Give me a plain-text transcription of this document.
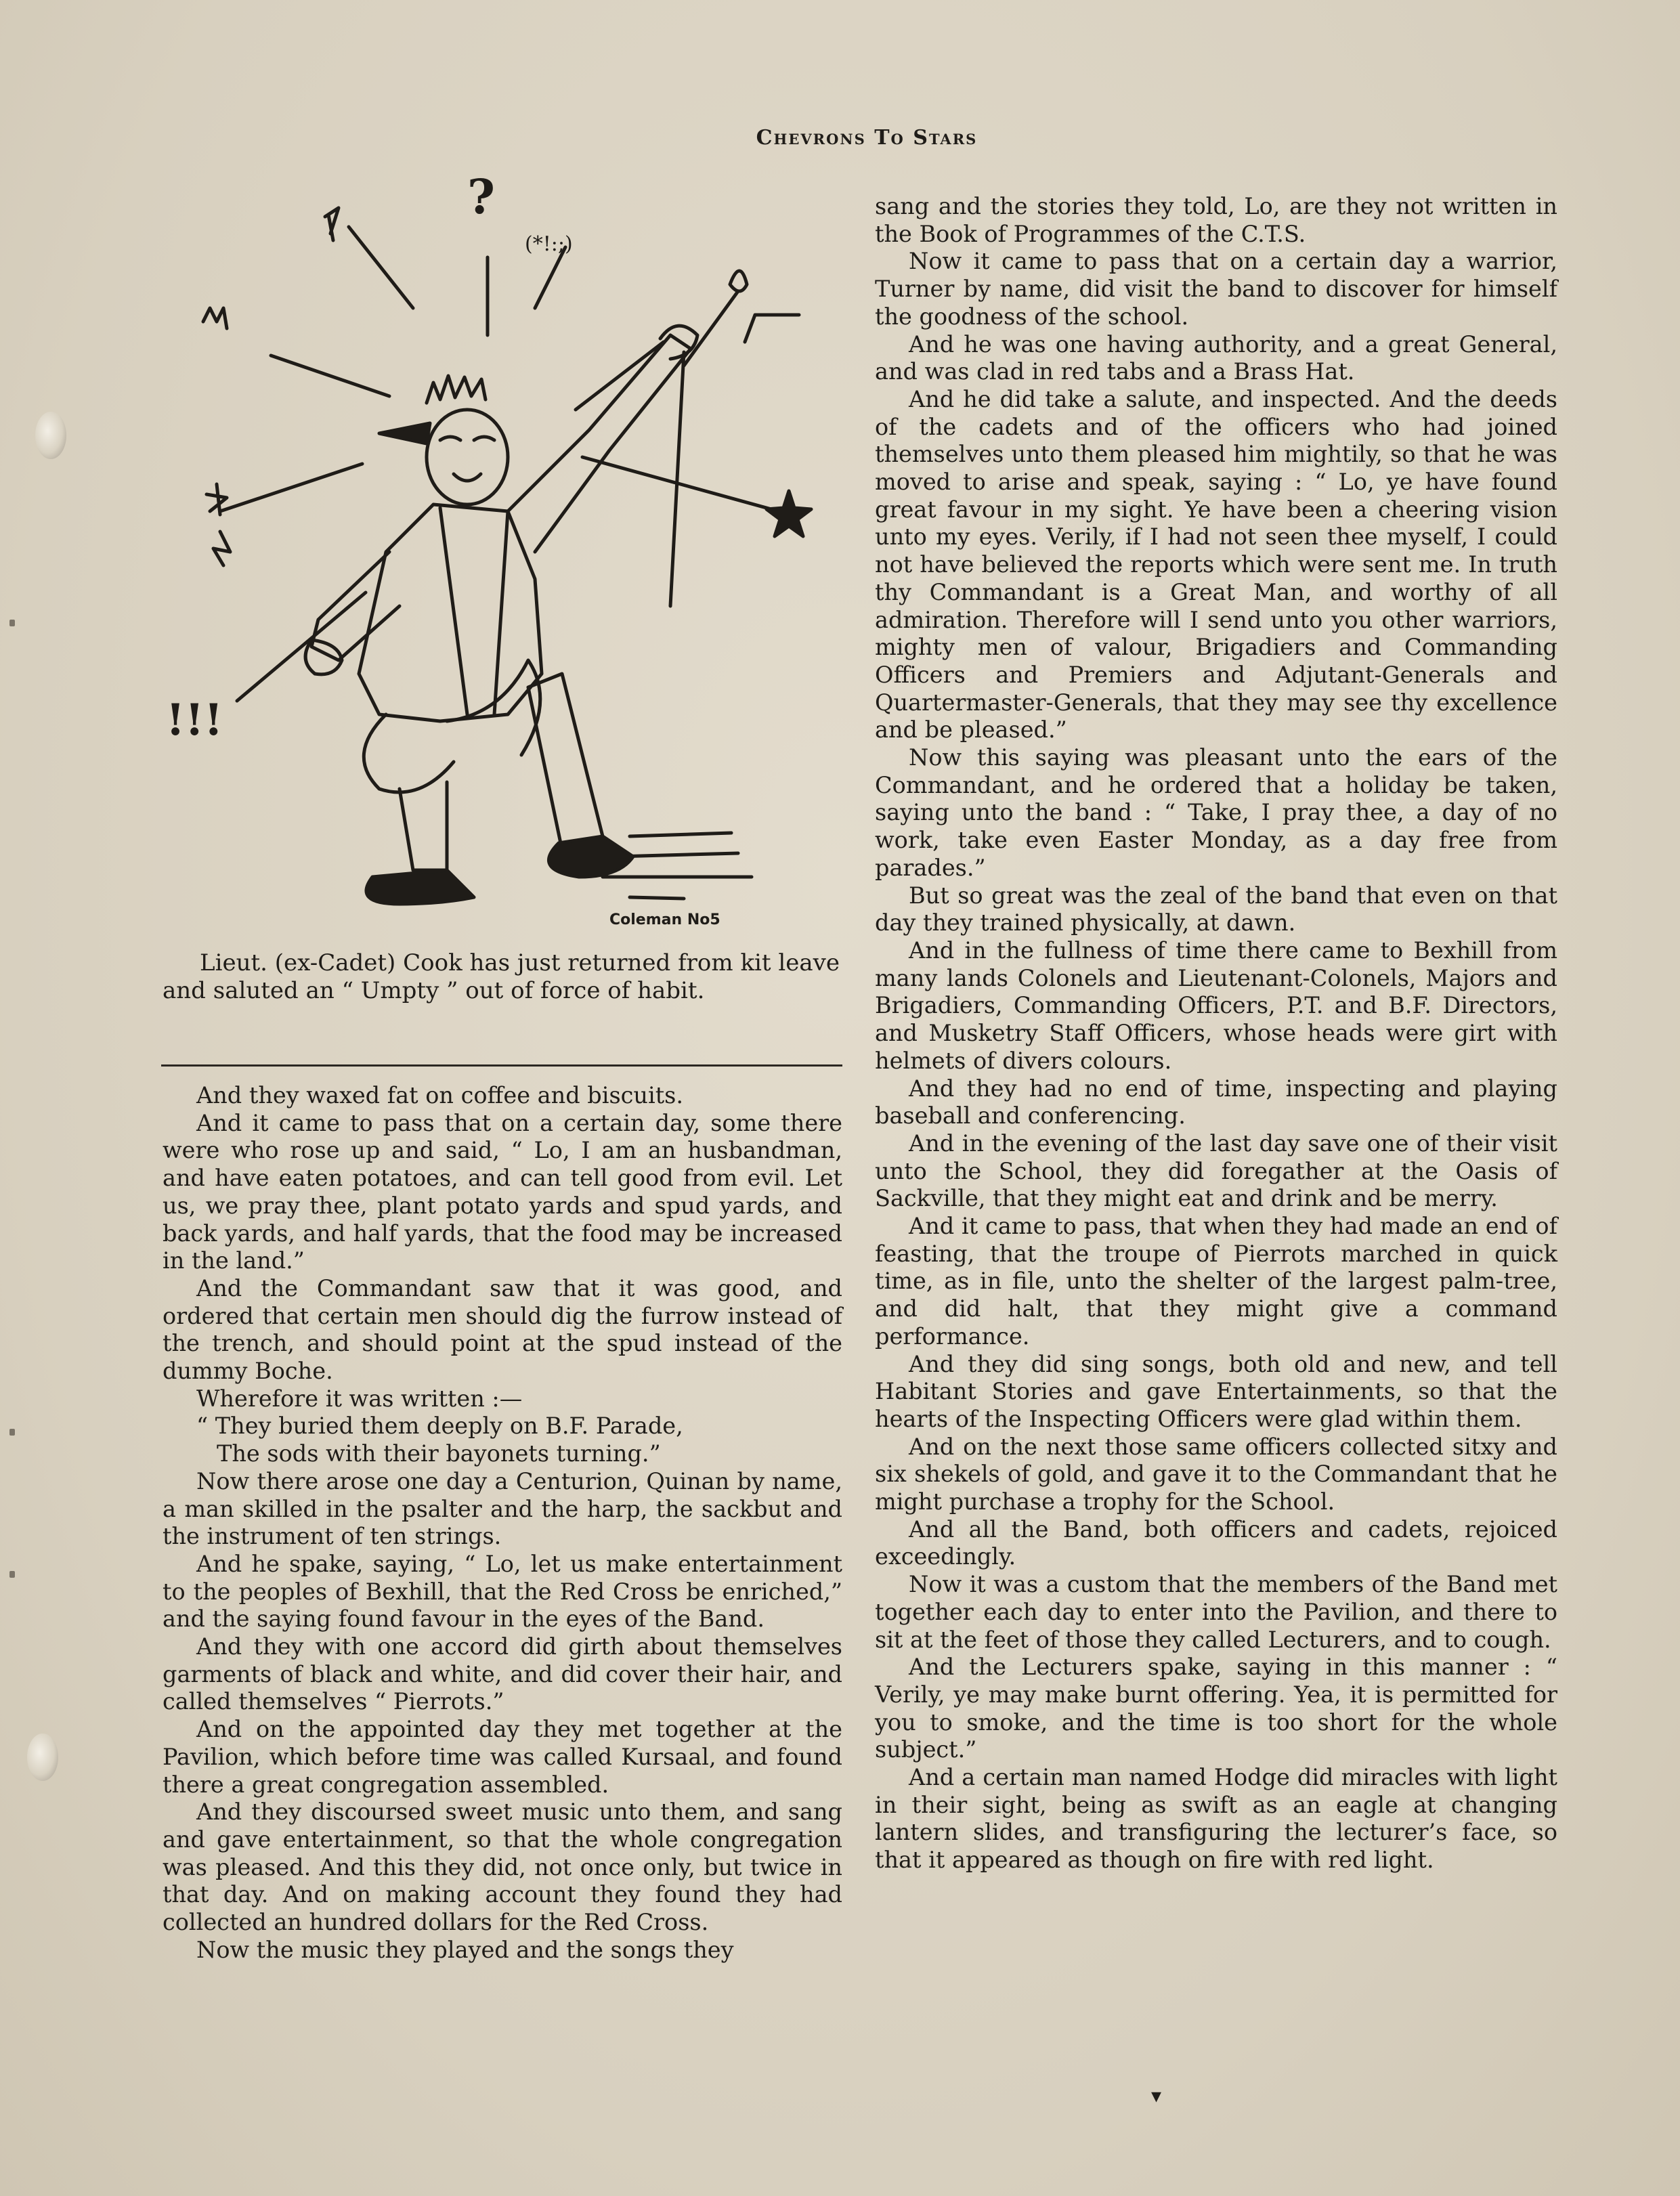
Chevrons To Stars
?
(*!:;)
!!!
Coleman No5

Lieut. (ex-Cadet) Cook has just returned from kit leave and saluted an “ Umpty ” out of force of habit.

And they waxed fat on coffee and biscuits.

And it came to pass that on a certain day, some there were who rose up and said, “ Lo, I am an husbandman, and have eaten potatoes, and can tell good from evil. Let us, we pray thee, plant potato yards and spud yards, and back yards, and half yards, that the food may be increased in the land.”

And the Commandant saw that it was good, and ordered that certain men should dig the furrow instead of the trench, and should point at the spud instead of the dummy Boche.

Wherefore it was written :—

“ They buried them deeply on B.F. Parade,

The sods with their bayonets turning.”

Now there arose one day a Centurion, Quinan by name, a man skilled in the psalter and the harp, the sackbut and the instrument of ten strings.

And he spake, saying, “ Lo, let us make entertainment to the peoples of Bexhill, that the Red Cross be enriched,” and the saying found favour in the eyes of the Band.

And they with one accord did girth about themselves garments of black and white, and did cover their hair, and called themselves “ Pierrots.”

And on the appointed day they met together at the Pavilion, which before time was called Kursaal, and found there a great congregation assembled.

And they discoursed sweet music unto them, and sang and gave entertainment, so that the whole congregation was pleased. And this they did, not once only, but twice in that day. And on making account they found they had collected an hundred dollars for the Red Cross.

Now the music they played and the songs they

sang and the stories they told, Lo, are they not written in the Book of Programmes of the C.T.S.

Now it came to pass that on a certain day a warrior, Turner by name, did visit the band to discover for himself the goodness of the school.

And he was one having authority, and a great General, and was clad in red tabs and a Brass Hat.

And he did take a salute, and inspected. And the deeds of the cadets and of the officers who had joined themselves unto them pleased him mightily, so that he was moved to arise and speak, saying : “ Lo, ye have found great favour in my sight. Ye have been a cheering vision unto my eyes. Verily, if I had not seen thee myself, I could not have believed the reports which were sent me. In truth thy Commandant is a Great Man, and worthy of all admiration. Therefore will I send unto you other warriors, mighty men of valour, Brigadiers and Commanding Officers and Premiers and Adjutant-Generals and Quartermaster-Generals, that they may see thy excellence and be pleased.”

Now this saying was pleasant unto the ears of the Commandant, and he ordered that a holiday be taken, saying unto the band : “ Take, I pray thee, a day of no work, take even Easter Monday, as a day free from parades.”

But so great was the zeal of the band that even on that day they trained physically, at dawn.

And in the fullness of time there came to Bexhill from many lands Colonels and Lieutenant-Colonels, Majors and Brigadiers, Commanding Officers, P.T. and B.F. Directors, and Musketry Staff Officers, whose heads were girt with helmets of divers colours.

And they had no end of time, inspecting and playing baseball and conferencing.

And in the evening of the last day save one of their visit unto the School, they did foregather at the Oasis of Sackville, that they might eat and drink and be merry.

And it came to pass, that when they had made an end of feasting, that the troupe of Pierrots marched in quick time, as in file, unto the shelter of the largest palm-tree, and did halt, that they might give a command performance.

And they did sing songs, both old and new, and tell Habitant Stories and gave Entertainments, so that the hearts of the Inspecting Officers were glad within them.

And on the next those same officers collected sitxy and six shekels of gold, and gave it to the Commandant that he might purchase a trophy for the School.

And all the Band, both officers and cadets, rejoiced exceedingly.

Now it was a custom that the members of the Band met together each day to enter into the Pavilion, and there to sit at the feet of those they called Lecturers, and to cough.

And the Lecturers spake, saying in this manner : “ Verily, ye may make burnt offering. Yea, it is permitted for you to smoke, and the time is too short for the whole subject.”

And a certain man named Hodge did miracles with light in their sight, being as swift as an eagle at changing lantern slides, and transfiguring the lecturer’s face, so that it appeared as though on fire with red light.

▾
